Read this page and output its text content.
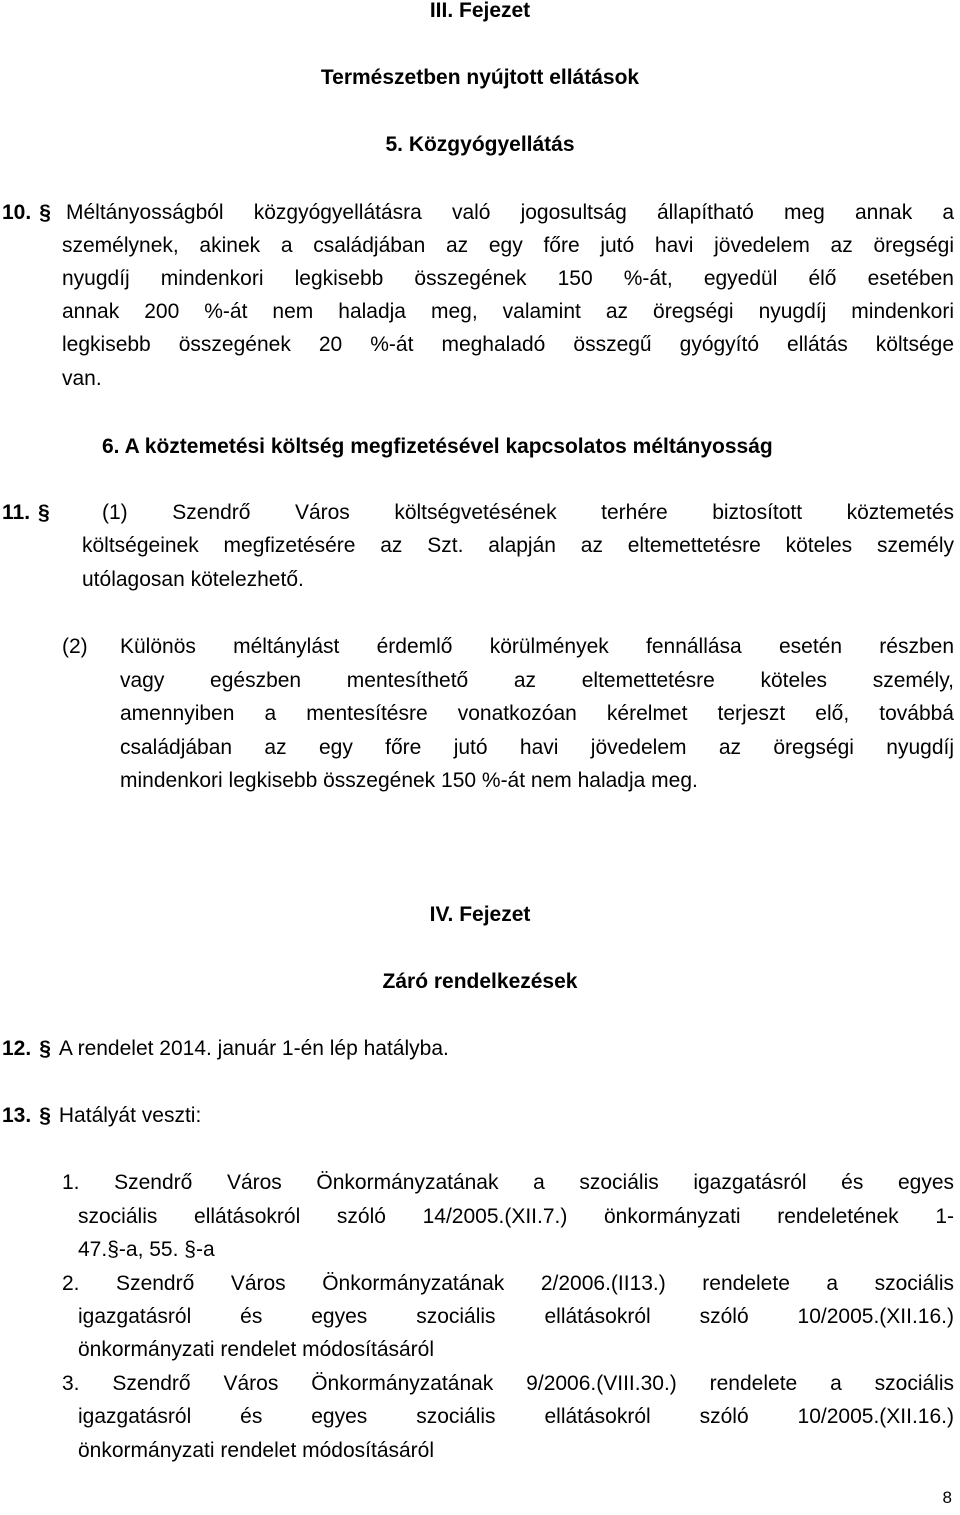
III. Fejezet
Természetben nyújtott ellátások
5. Közgyógyellátás
10. § Méltányosságból közgyógyellátásra való jogosultság állapítható meg annak a
személynek, akinek a családjában az egy főre jutó havi jövedelem az öregségi
nyugdíj mindenkori legkisebb összegének 150 %-át, egyedül élő esetében
annak 200 %-át nem haladja meg, valamint az öregségi nyugdíj mindenkori
legkisebb összegének 20 %-át meghaladó összegű gyógyító ellátás költsége
van.
6. A köztemetési költség megfizetésével kapcsolatos méltányosság
11. §	(1) Szendrő Város költségvetésének terhére biztosított köztemetés
költségeinek megfizetésére az Szt. alapján az eltemettetésre köteles személy
utólagosan kötelezhető.
(2) Különös méltánylást érdemlő körülmények fennállása esetén részben
vagy egészben mentesíthető az eltemettetésre köteles személy,
amennyiben a mentesítésre vonatkozóan kérelmet terjeszt elő, továbbá
családjában az egy főre jutó havi jövedelem az öregségi nyugdíj
mindenkori legkisebb összegének 150 %-át nem haladja meg.
IV. Fejezet
Záró rendelkezések
12. § A rendelet 2014. január 1-én lép hatályba.
13. § Hatályát veszti:
1. Szendrő Város Önkormányzatának a szociális igazgatásról és egyes
szociális ellátásokról szóló 14/2005.(XII.7.) önkormányzati rendeletének 1-
47.§-a, 55. §-a
2. Szendrő Város Önkormányzatának 2/2006.(II13.) rendelete a szociális
igazgatásról és egyes szociális ellátásokról szóló 10/2005.(XII.16.)
önkormányzati rendelet módosításáról
3. Szendrő Város Önkormányzatának 9/2006.(VIII.30.) rendelete a szociális
igazgatásról és egyes szociális ellátásokról szóló 10/2005.(XII.16.)
önkormányzati rendelet módosításáról
8
